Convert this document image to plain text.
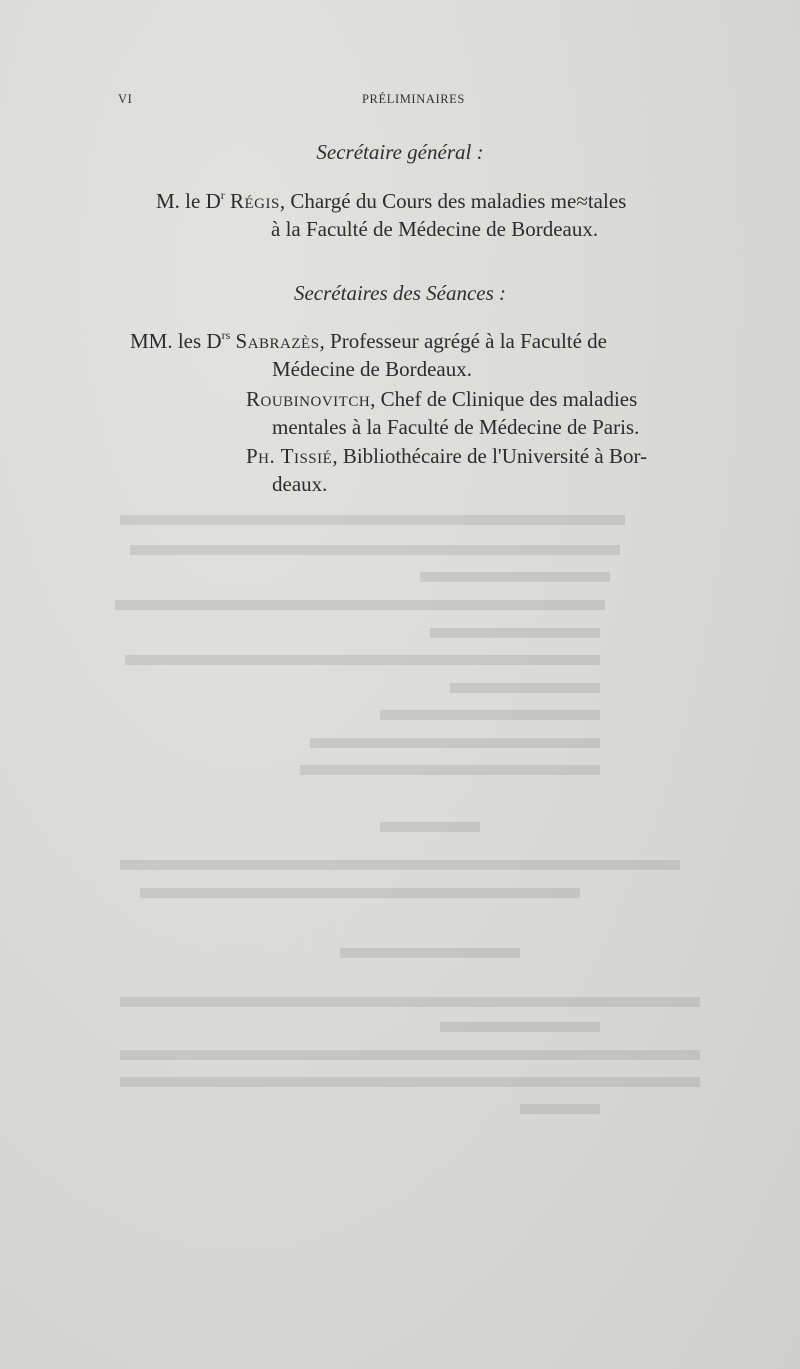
VI	PRÉLIMINAIRES
Secrétaire général :
M. le $D^r$ Régis, Chargé du Cours des maladies me≈tales
à la Faculté de Médecine de Bordeaux.
Secrétaires des Séances :
MM. les $D^{rs}$ Sabrazès, Professeur agrégé à la Faculté de
Médecine de Bordeaux.
Roubinovitch, Chef de Clinique des maladies
mentales à la Faculté de Médecine de Paris.
Ph. Tissié, Bibliothécaire de l'Université à Bor-
deaux.
